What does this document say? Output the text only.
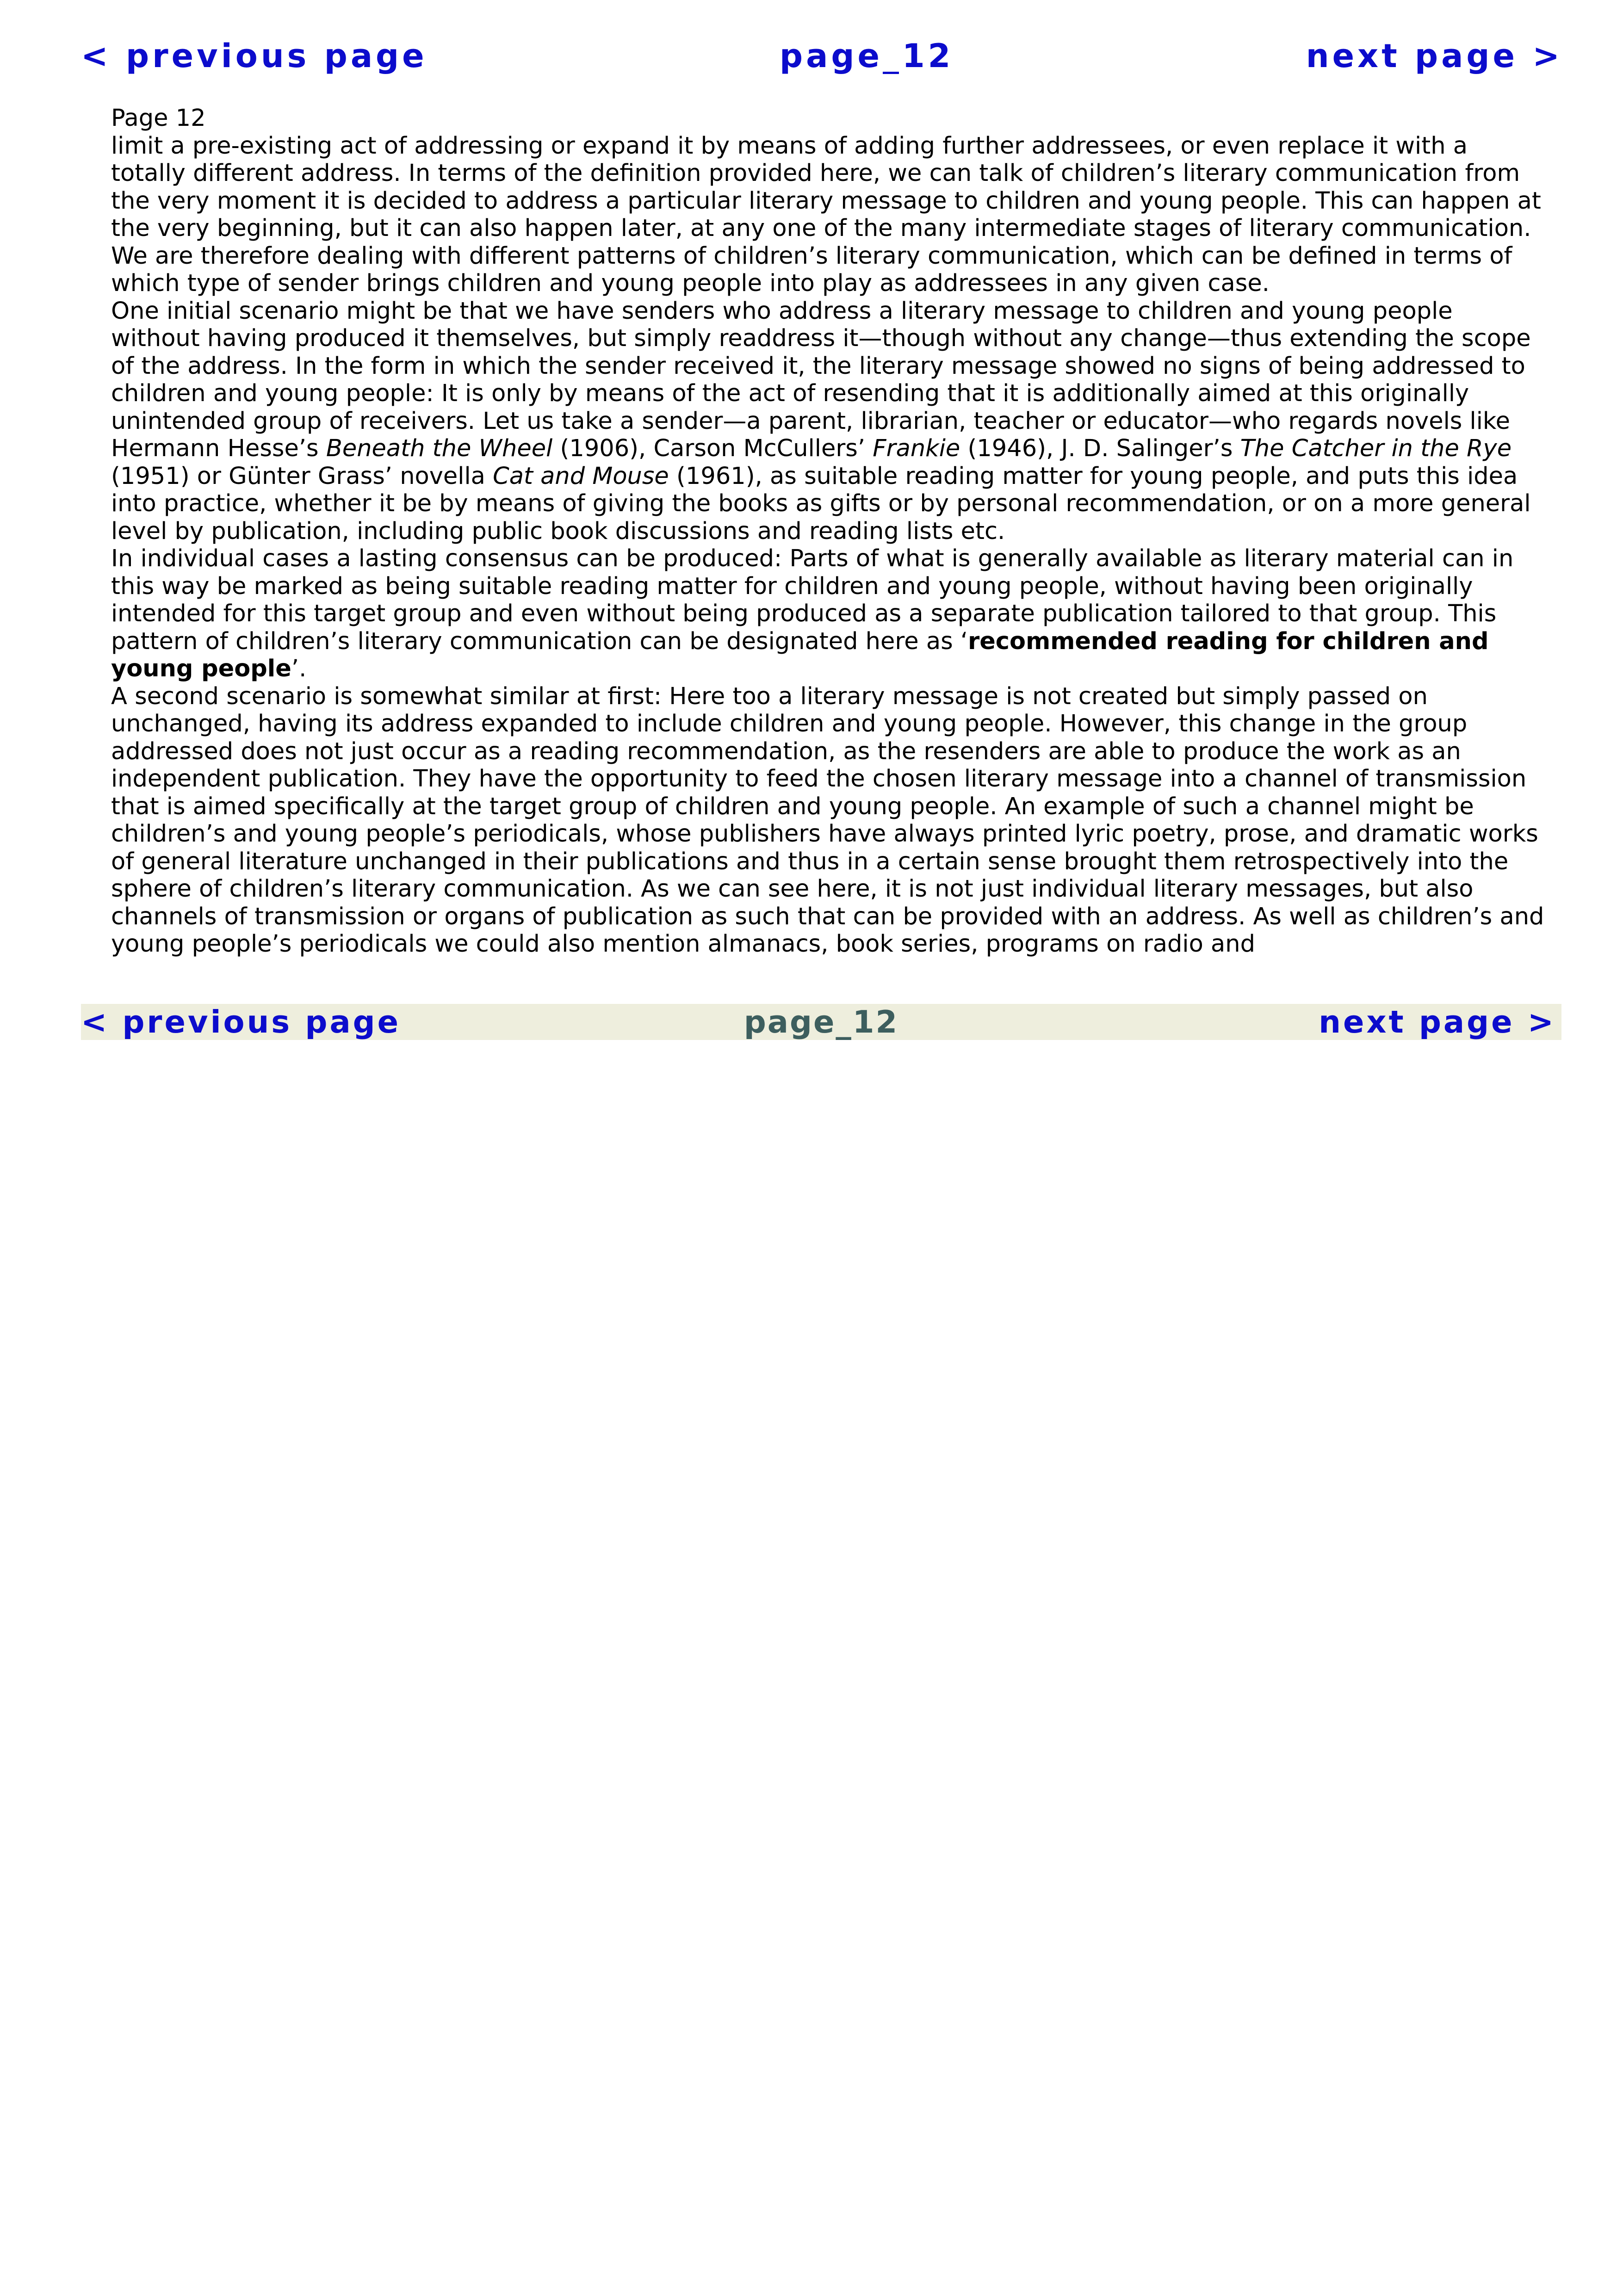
< previous page	page_12	next page >
Page 12

limit a pre-existing act of addressing or expand it by means of adding further addressees, or even replace it with a totally different address. In terms of the definition provided here, we can talk of children’s literary communication from the very moment it is decided to address a particular literary message to children and young people. This can happen at the very beginning, but it can also happen later, at any one of the many intermediate stages of literary communication. We are therefore dealing with different patterns of children’s literary communication, which can be defined in terms of which type of sender brings children and young people into play as addressees in any given case.

One initial scenario might be that we have senders who address a literary message to children and young people without having produced it themselves, but simply readdress it—though without any change—thus extending the scope of the address. In the form in which the sender received it, the literary message showed no signs of being addressed to children and young people: It is only by means of the act of resending that it is additionally aimed at this originally unintended group of receivers. Let us take a sender—a parent, librarian, teacher or educator—who regards novels like Hermann Hesse’s Beneath the Wheel (1906), Carson McCullers’ Frankie (1946), J. D. Salinger’s The Catcher in the Rye (1951) or Günter Grass’ novella Cat and Mouse (1961), as suitable reading matter for young people, and puts this idea into practice, whether it be by means of giving the books as gifts or by personal recommendation, or on a more general level by publication, including public book discussions and reading lists etc.

In individual cases a lasting consensus can be produced: Parts of what is generally available as literary material can in this way be marked as being suitable reading matter for children and young people, without having been originally intended for this target group and even without being produced as a separate publication tailored to that group. This pattern of children’s literary communication can be designated here as ‘recommended reading for children and young people’.

A second scenario is somewhat similar at first: Here too a literary message is not created but simply passed on unchanged, having its address expanded to include children and young people. However, this change in the group addressed does not just occur as a reading recommendation, as the resenders are able to produce the work as an independent publication. They have the opportunity to feed the chosen literary message into a channel of transmission that is aimed specifically at the target group of children and young people. An example of such a channel might be children’s and young people’s periodicals, whose publishers have always printed lyric poetry, prose, and dramatic works of general literature unchanged in their publications and thus in a certain sense brought them retrospectively into the sphere of children’s literary communication. As we can see here, it is not just individual literary messages, but also channels of transmission or organs of publication as such that can be provided with an address. As well as children’s and young people’s periodicals we could also mention almanacs, book series, programs on radio and

< previous page	page_12	next page >
